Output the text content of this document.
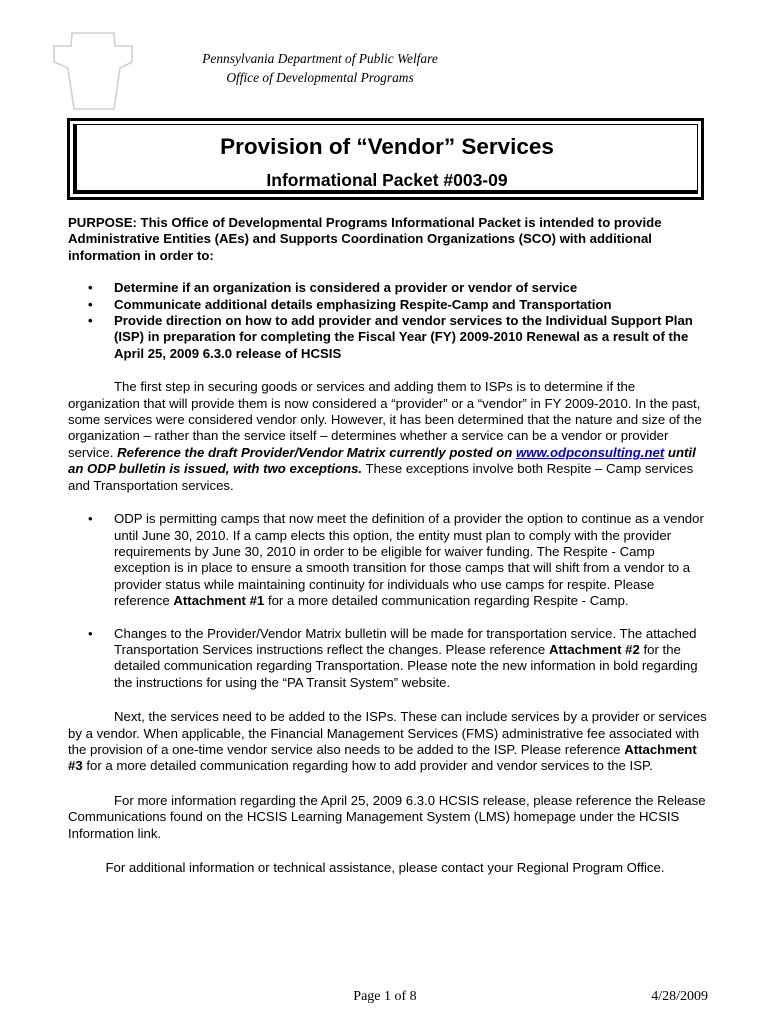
Pennsylvania Department of Public Welfare
Office of Developmental Programs
Provision of “Vendor” Services
Informational Packet #003-09

PURPOSE: This Office of Developmental Programs Informational Packet is intended to provide Administrative Entities (AEs) and Supports Coordination Organizations (SCO) with additional information in order to:

• Determine if an organization is considered a provider or vendor of service
• Communicate additional details emphasizing Respite-Camp and Transportation
• Provide direction on how to add provider and vendor services to the Individual Support Plan (ISP) in preparation for completing the Fiscal Year (FY) 2009-2010 Renewal as a result of the April 25, 2009 6.3.0 release of HCSIS

The first step in securing goods or services and adding them to ISPs is to determine if the organization that will provide them is now considered a “provider” or a “vendor” in FY 2009-2010. In the past, some services were considered vendor only. However, it has been determined that the nature and size of the organization – rather than the service itself – determines whether a service can be a vendor or provider service. Reference the draft Provider/Vendor Matrix currently posted on www.odpconsulting.net until an ODP bulletin is issued, with two exceptions. These exceptions involve both Respite – Camp services and Transportation services.

• ODP is permitting camps that now meet the definition of a provider the option to continue as a vendor until June 30, 2010. If a camp elects this option, the entity must plan to comply with the provider requirements by June 30, 2010 in order to be eligible for waiver funding. The Respite - Camp exception is in place to ensure a smooth transition for those camps that will shift from a vendor to a provider status while maintaining continuity for individuals who use camps for respite. Please reference Attachment #1 for a more detailed communication regarding Respite - Camp.
• Changes to the Provider/Vendor Matrix bulletin will be made for transportation service. The attached Transportation Services instructions reflect the changes. Please reference Attachment #2 for the detailed communication regarding Transportation. Please note the new information in bold regarding the instructions for using the “PA Transit System” website.

Next, the services need to be added to the ISPs. These can include services by a provider or services by a vendor. When applicable, the Financial Management Services (FMS) administrative fee associated with the provision of a one-time vendor service also needs to be added to the ISP. Please reference Attachment #3 for a more detailed communication regarding how to add provider and vendor services to the ISP.

For more information regarding the April 25, 2009 6.3.0 HCSIS release, please reference the Release Communications found on the HCSIS Learning Management System (LMS) homepage under the HCSIS Information link.

For additional information or technical assistance, please contact your Regional Program Office.

Page 1 of 8	4/28/2009
